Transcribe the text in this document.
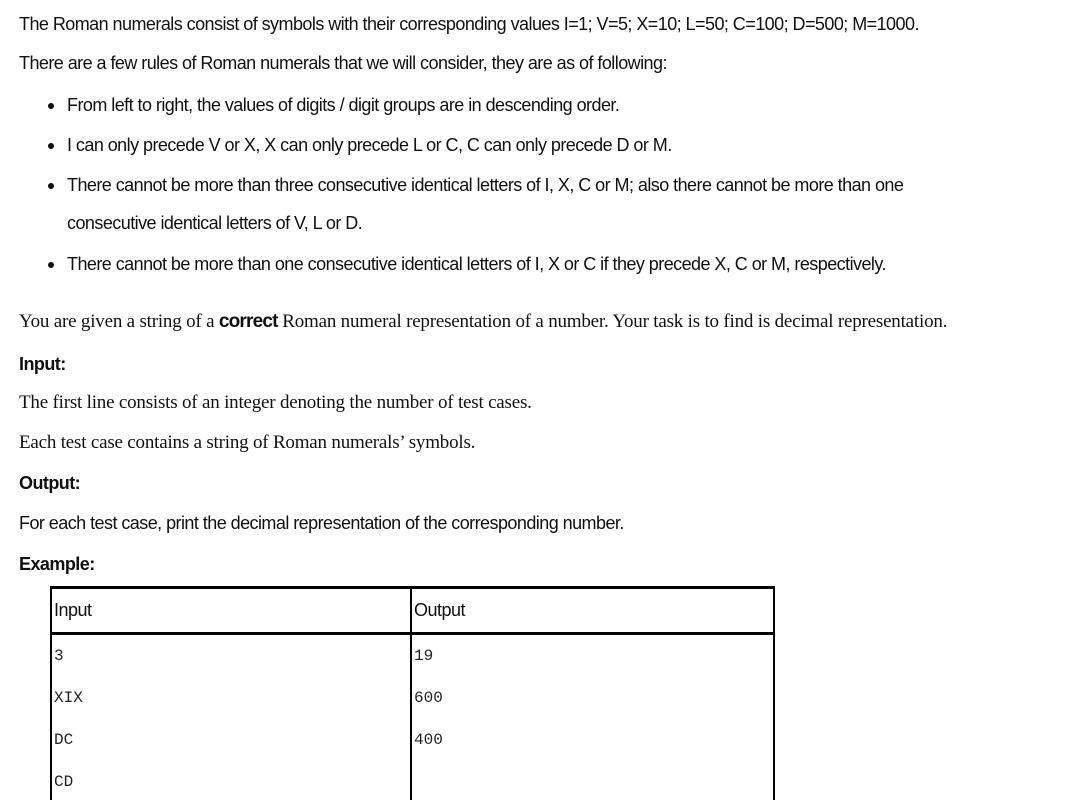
The Roman numerals consist of symbols with their corresponding values I=1; V=5; X=10; L=50; C=100; D=500; M=1000.
There are a few rules of Roman numerals that we will consider, they are as of following:
From left to right, the values of digits / digit groups are in descending order.
I can only precede V or X, X can only precede L or C, C can only precede D or M.
There cannot be more than three consecutive identical letters of I, X, C or M; also there cannot be more than one
consecutive identical letters of V, L or D.
There cannot be more than one consecutive identical letters of I, X or C if they precede X, C or M, respectively.
You are given a string of a correct Roman numeral representation of a number. Your task is to find is decimal representation.
Input:
The first line consists of an integer denoting the number of test cases.
Each test case contains a string of Roman numerals’ symbols.
Output:
For each test case, print the decimal representation of the corresponding number.
Example:
Input	Output
3	19
XIX	600
DC	400
CD	
